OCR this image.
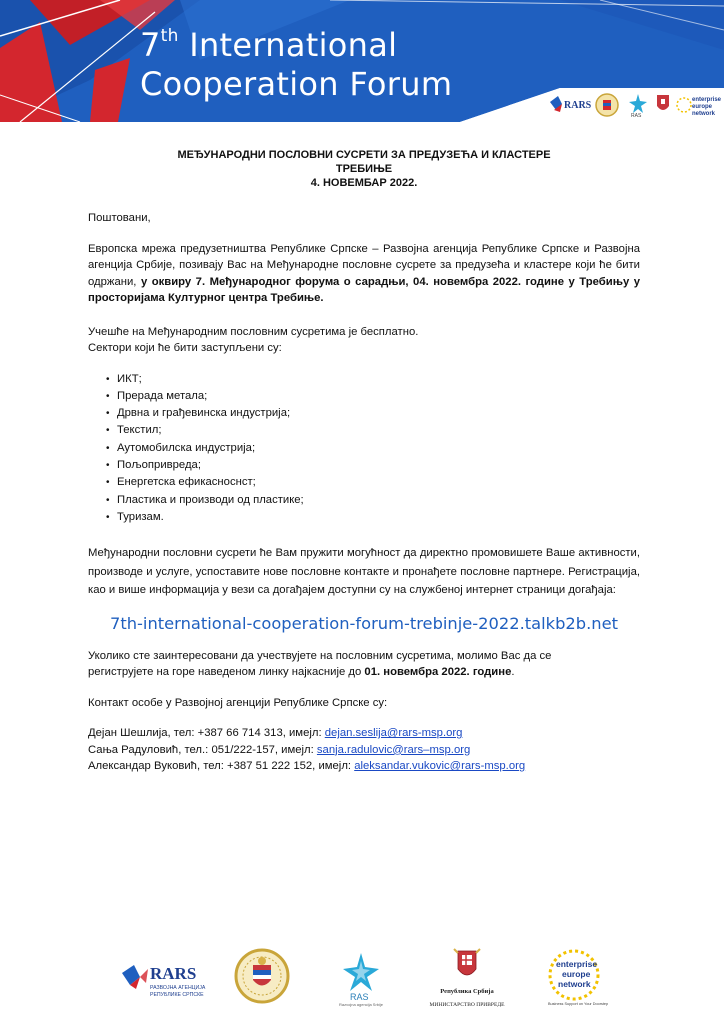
7th International
Cooperation Forum
RARS
RAS
enterprise
europe
network

МЕЂУНАРОДНИ ПОСЛОВНИ СУСРЕТИ ЗА ПРЕДУЗЕЋА И КЛАСТЕРЕ

ТРЕБИЊЕ

4. НОВЕМБАР 2022.

Поштовани,

Европска мрежа предузетништва Републике Српске – Развојна агенција Републике Српске и Развојна агенција Србије, позивају Вас на Међународне пословне сусрете за предузећа и кластере који ће бити одржани, у оквиру 7. Међународног форума о сарадњи, 04. новембра 2022. године у Требињу у просторијама Културног центра Требиње.

Учешће на Међународним пословним сусретима је бесплатно.

Сектори који ће бити заступљени су:

• ИКТ;
• Прерада метала;
• Дрвна и грађевинска индустрија;
• Текстил;
• Аутомобилска индустрија;
• Пољопривреда;
• Енергетска ефикасноснст;
• Пластика и производи од пластике;
• Туризам.

Међународни пословни сусрети ће Вам пружити могућност да директно промовишете Ваше активности, производе и услуге, успоставите нове пословне контакте и пронађете пословне партнере. Регистрација, као и више информација у вези са догађајем доступни су на службеној интернет страници догађаја:

7th-international-cooperation-forum-trebinje-2022.talkb2b.net

Уколико сте заинтересовани да учествујете на пословним сусретима, молимо Вас да се

региструјете на горе наведеном линку најкасније до 01. новембра 2022. године.

Контакт особе у Развојној агенцији Републике Српске су:

Дејан Шешлија, тел: +387 66 714 313, имејл: dejan.seslija@rars-msp.org

Сања Радуловић, тел.: 051/222-157, имејл: sanja.radulovic@rars–msp.org

Александар Вуковић, тел: +387 51 222 152, имејл: aleksandar.vukovic@rars-msp.org

RARS
РАЗВОЈНА АГЕНЦИЈА
РЕПУБЛИКЕ СРПСКЕ	RAS
Razvojna agencija Srbije
Република Србија
МИНИСТАРСТВО ПРИВРЕДЕ
enterprise
europe
network
Business Support on Your Doorstep
